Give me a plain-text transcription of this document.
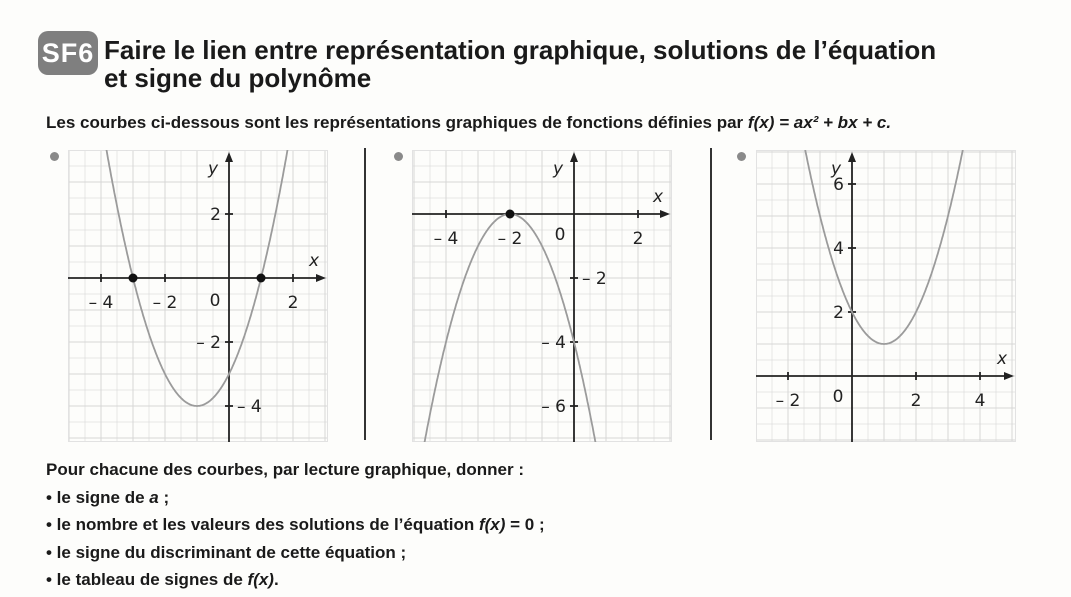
SF6 Faire le lien entre représentation graphique, solutions de l’équation
et signe du polynôme
Les courbes ci-dessous sont les représentations graphiques de fonctions définies par f(x) = ax² + bx + c.
x
y
0
– 4 – 2	2
2
– 2
– 4
x
y
0
– 4 – 2	2
– 2
– 4
– 6
x
y
0
– 2	2	4
6
4
2
Pour chacune des courbes, par lecture graphique, donner :
• le signe de a ;
• le nombre et les valeurs des solutions de l’équation f(x) = 0 ;
• le signe du discriminant de cette équation ;
• le tableau de signes de f(x).
